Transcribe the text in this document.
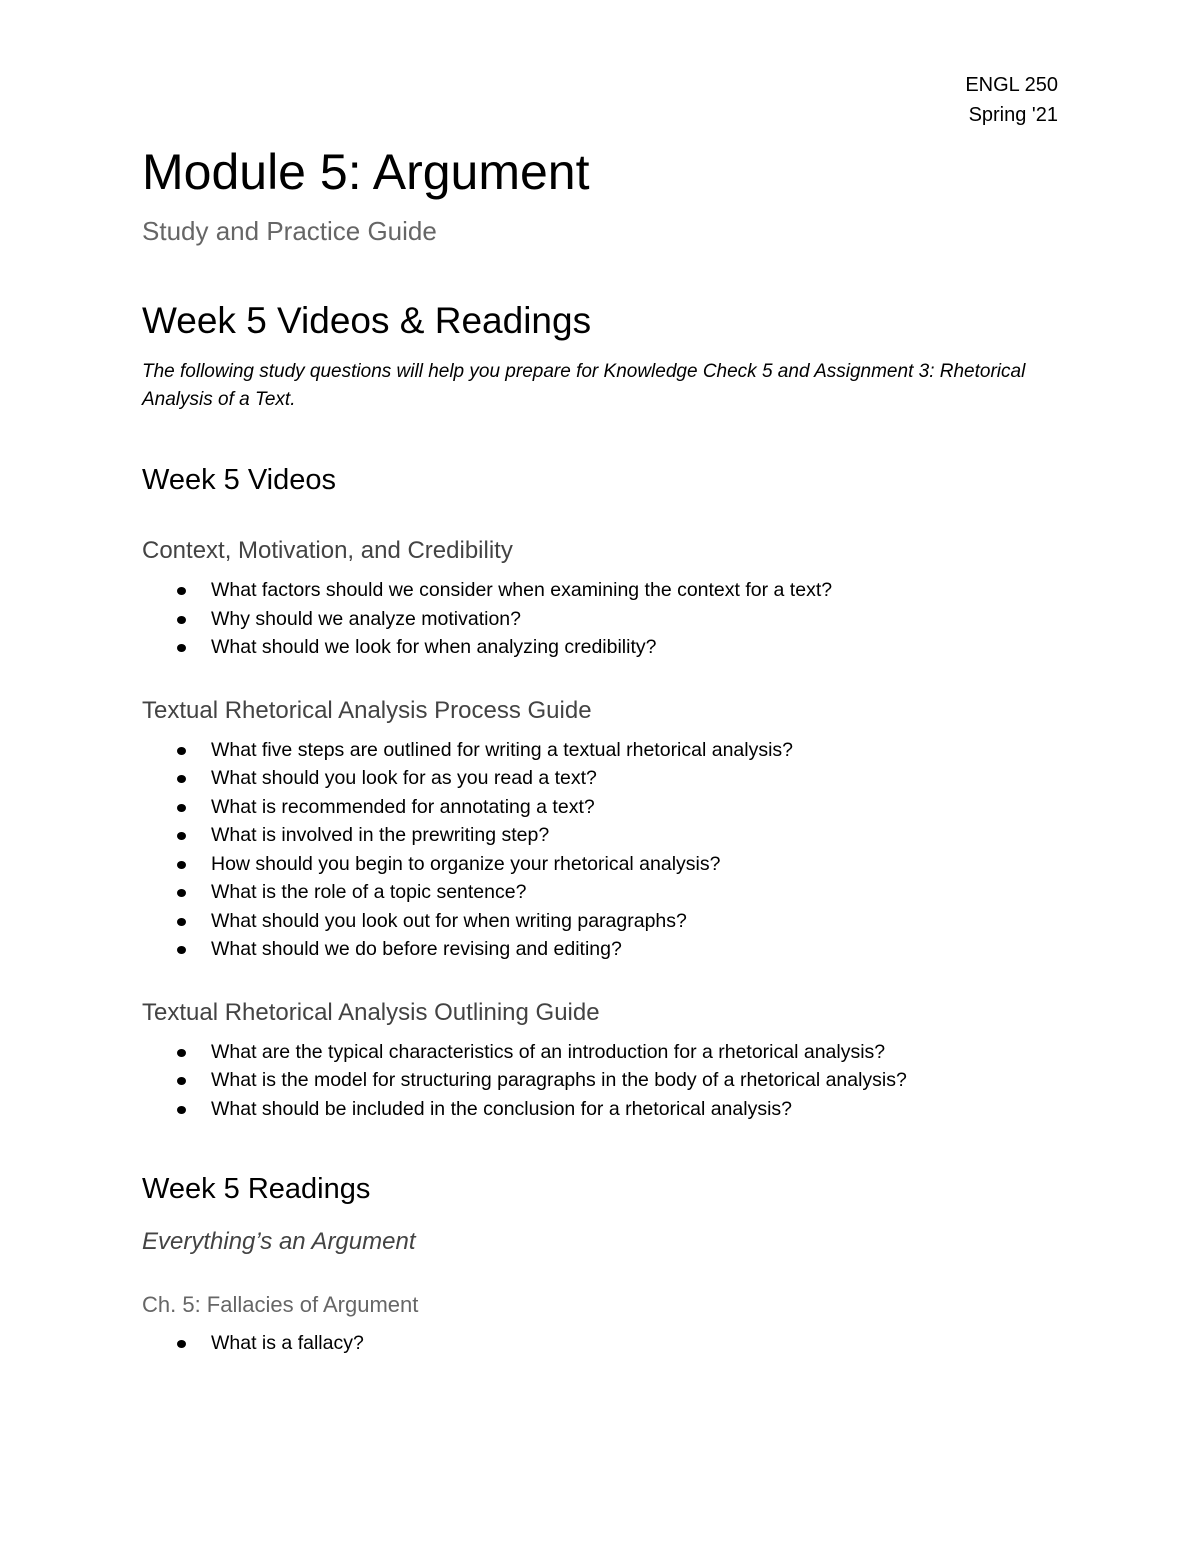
ENGL 250
Spring '21
Module 5: Argument
Study and Practice Guide
Week 5 Videos & Readings

The following study questions will help you prepare for Knowledge Check 5 and Assignment 3: Rhetorical Analysis of a Text.

Week 5 Videos
Context, Motivation, and Credibility
What factors should we consider when examining the context for a text?
Why should we analyze motivation?
What should we look for when analyzing credibility?
Textual Rhetorical Analysis Process Guide
What five steps are outlined for writing a textual rhetorical analysis?
What should you look for as you read a text?
What is recommended for annotating a text?
What is involved in the prewriting step?
How should you begin to organize your rhetorical analysis?
What is the role of a topic sentence?
What should you look out for when writing paragraphs?
What should we do before revising and editing?
Textual Rhetorical Analysis Outlining Guide
What are the typical characteristics of an introduction for a rhetorical analysis?
What is the model for structuring paragraphs in the body of a rhetorical analysis?
What should be included in the conclusion for a rhetorical analysis?
Week 5 Readings
Everything’s an Argument
Ch. 5: Fallacies of Argument
What is a fallacy?
